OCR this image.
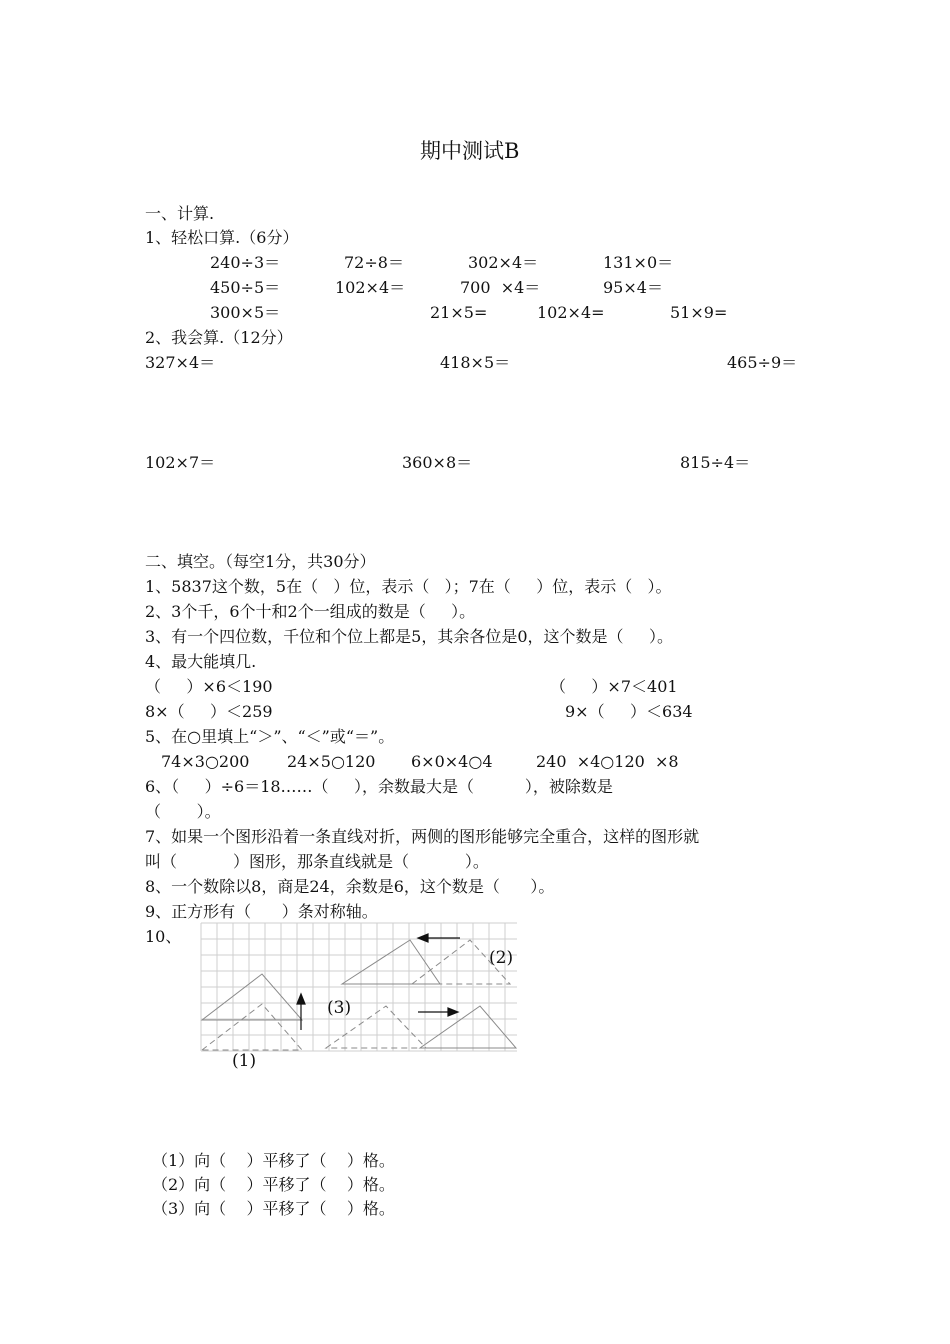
期中测试B
一、计算.
1、轻松口算.（6分）
240÷3＝	72÷8＝	302×4＝	131×0＝
450÷5＝	102×4＝	700  ×4＝	95×4＝
300×5＝	21×5=	102×4=	51×9=
2、我会算.（12分）
327×4＝	418×5＝	465÷9＝
102×7＝	360×8＝	815÷4＝
二、填空。（每空1分，共30分）
1、5837这个数，5在（   ）位，表示（   ）；7在（     ）位，表示（   ）。
2、3个千，6个十和2个一组成的数是（     ）。
3、有一个四位数，千位和个位上都是5，其余各位是0，这个数是（     ）。
4、最大能填几.
（     ）×6＜190	（     ）×7＜401
8×（     ）＜259	9×（     ）＜634
5、在○里填上“＞”、“＜”或“＝”。
74×3○200 24×5○120 6×0×4○4	240  ×4○120  ×8
6、（     ）÷6＝18……（     ），余数最大是（          ），被除数是
（       ）。
7、如果一个图形沿着一条直线对折，两侧的图形能够完全重合，这样的图形就
叫（           ）图形，那条直线就是（           ）。
8、一个数除以8，商是24，余数是6，这个数是（      ）。
9、正方形有（      ）条对称轴。
10、
(1)
(2)
(3)
（1）向（    ）平移了（    ）格。
（2）向（    ）平移了（    ）格。
（3）向（    ）平移了（    ）格。
